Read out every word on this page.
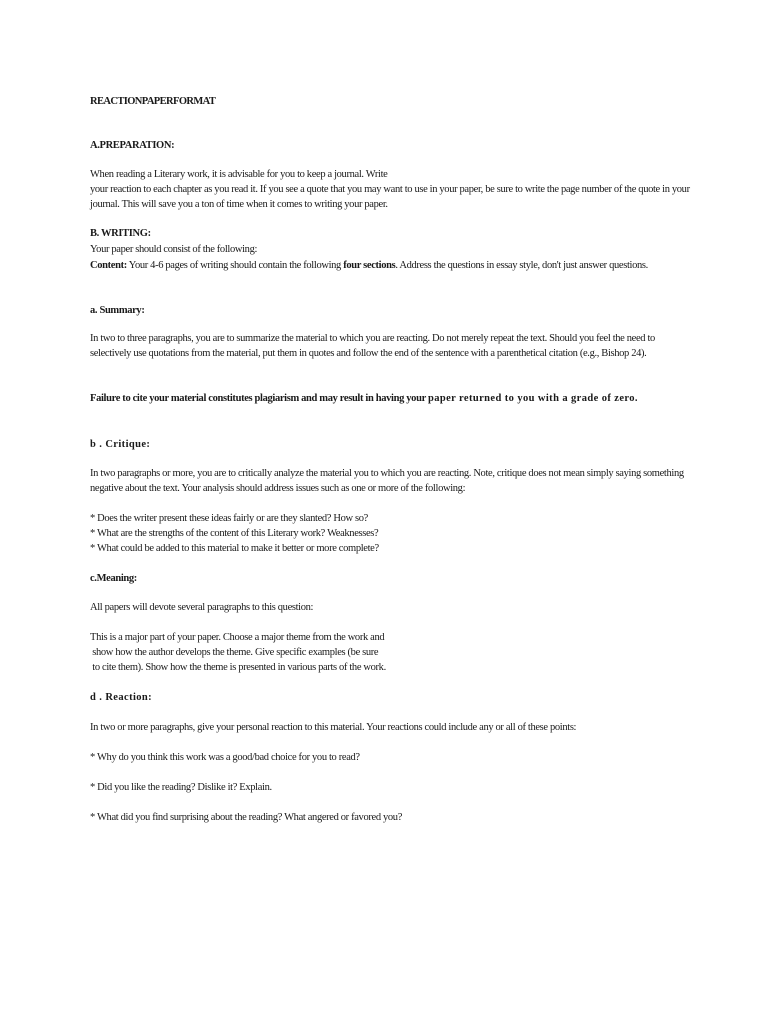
REACTIONPAPERFORMAT

A.PREPARATION:

When reading a Literary work, it is advisable for you to keep a journal. Write

your reaction to each chapter as you read it. If you see a quote that you may want to use in your paper, be sure to write the page number of the quote in your journal. This will save you a ton of time when it comes to writing your paper.

B. WRITING:

Your paper should consist of the following:

Content: Your 4-6 pages of writing should contain the following four sections. Address the questions in essay style, don't just answer questions.

a. Summary:

In two to three paragraphs, you are to summarize the material to which you are reacting. Do not merely repeat the text. Should you feel the need to selectively use quotations from the material, put them in quotes and follow the end of the sentence with a parenthetical citation (e.g., Bishop 24).

Failure to cite your material constitutes plagiarism and may result in having your paper returned to you with a grade of zero.

b . Critique:

In two paragraphs or more, you are to critically analyze the material you to which you are reacting. Note, critique does not mean simply saying something negative about the text. Your analysis should address issues such as one or more of the following:

* Does the writer present these ideas fairly or are they slanted? How so?

* What are the strengths of the content of this Literary work? Weaknesses?

* What could be added to this material to make it better or more complete?

c.Meaning:

All papers will devote several paragraphs to this question:

This is a major part of your paper. Choose a major theme from the work and

show how the author develops the theme. Give specific examples (be sure

to cite them). Show how the theme is presented in various parts of the work.

d . Reaction:

In two or more paragraphs, give your personal reaction to this material. Your reactions could include any or all of these points:

* Why do you think this work was a good/bad choice for you to read?

* Did you like the reading? Dislike it? Explain.

* What did you find surprising about the reading? What angered or favored you?
